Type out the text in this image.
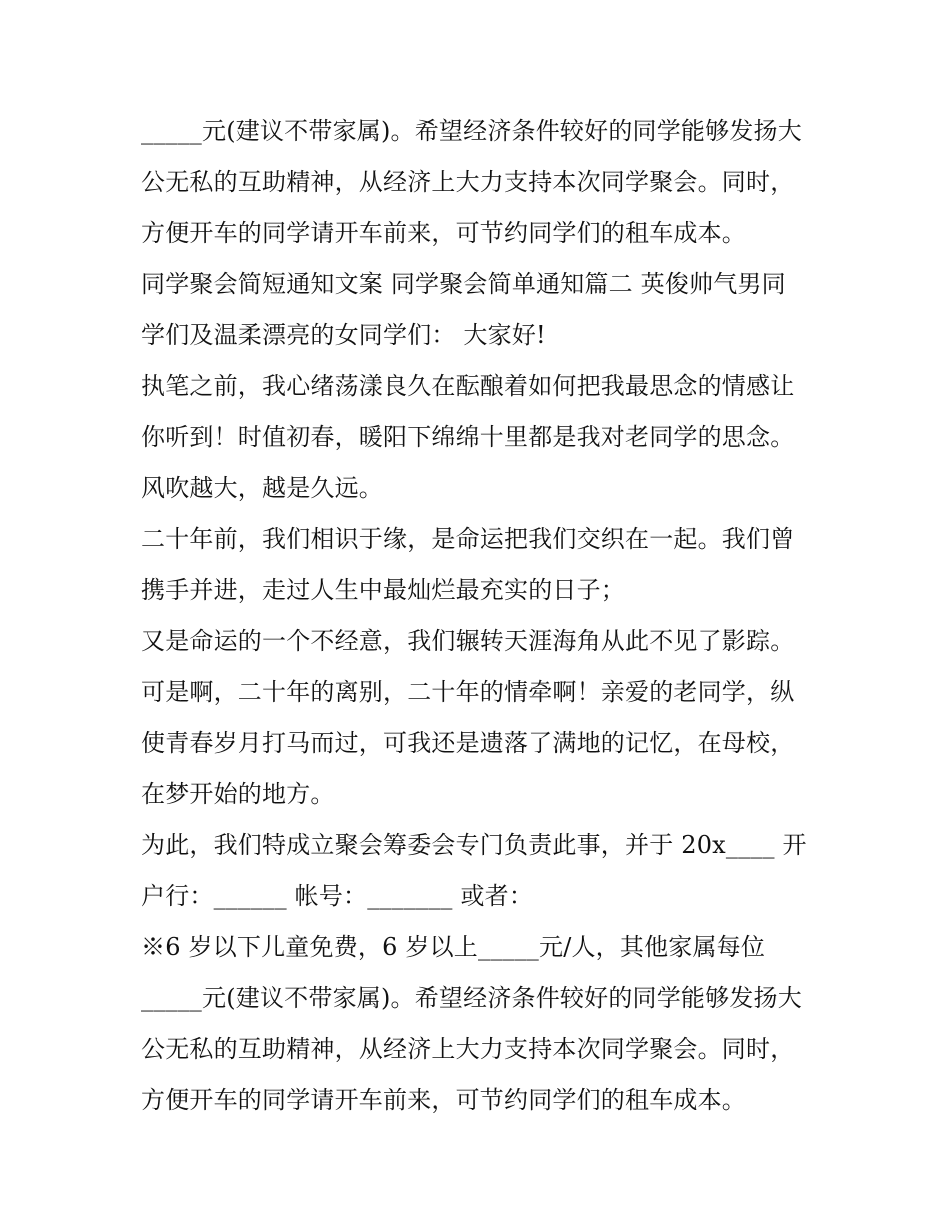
_____元(建议不带家属)。希望经济条件较好的同学能够发扬大
公无私的互助精神，从经济上大力支持本次同学聚会。同时，
方便开车的同学请开车前来，可节约同学们的租车成本。
同学聚会简短通知文案 同学聚会简单通知篇二 英俊帅气男同
学们及温柔漂亮的女同学们： 大家好!
执笔之前，我心绪荡漾良久在酝酿着如何把我最思念的情感让
你听到！时值初春，暖阳下绵绵十里都是我对老同学的思念。
风吹越大，越是久远。
二十年前，我们相识于缘，是命运把我们交织在一起。我们曾
携手并进，走过人生中最灿烂最充实的日子；
又是命运的一个不经意，我们辗转天涯海角从此不见了影踪。
可是啊，二十年的离别，二十年的情牵啊！亲爱的老同学，纵
使青春岁月打马而过，可我还是遗落了满地的记忆，在母校，
在梦开始的地方。
为此，我们特成立聚会筹委会专门负责此事，并于 20x____ 开
户行：______ 帐号：_______ 或者：
※6 岁以下儿童免费，6 岁以上_____元/人，其他家属每位
_____元(建议不带家属)。希望经济条件较好的同学能够发扬大
公无私的互助精神，从经济上大力支持本次同学聚会。同时，
方便开车的同学请开车前来，可节约同学们的租车成本。
